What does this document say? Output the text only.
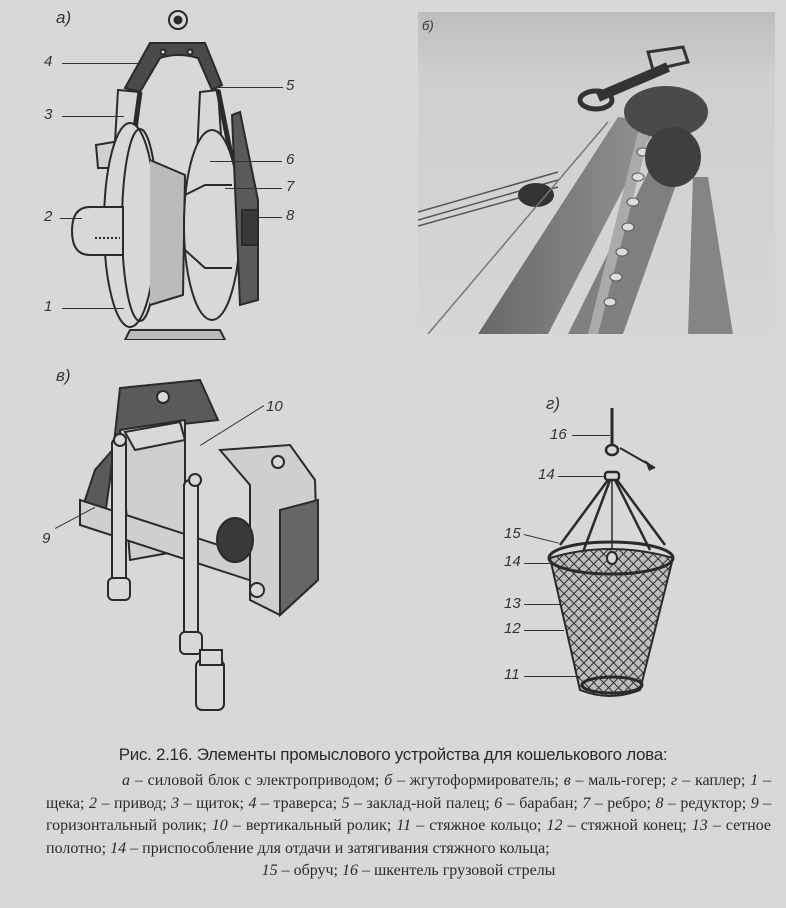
а)
4
5
3
6
7
8
2
1
б)
в)
10
9
г)
16
14
15
14
13
12
11
Рис. 2.16. Элементы промыслового устройства для кошелькового лова:
а – силовой блок с электроприводом; б – жгутоформирователь; в – маль-гогер; г – каплер; 1 – щека; 2 – привод; 3 – щиток; 4 – траверса; 5 – заклад-ной палец; 6 – барабан; 7 – ребро; 8 – редуктор; 9 – горизонтальный ролик; 10 – вертикальный ролик; 11 – стяжное кольцо; 12 – стяжной конец; 13 – сетное полотно; 14 – приспособление для отдачи и затягивания стяжного кольца;
15 – обруч; 16 – шкентель грузовой стрелы
